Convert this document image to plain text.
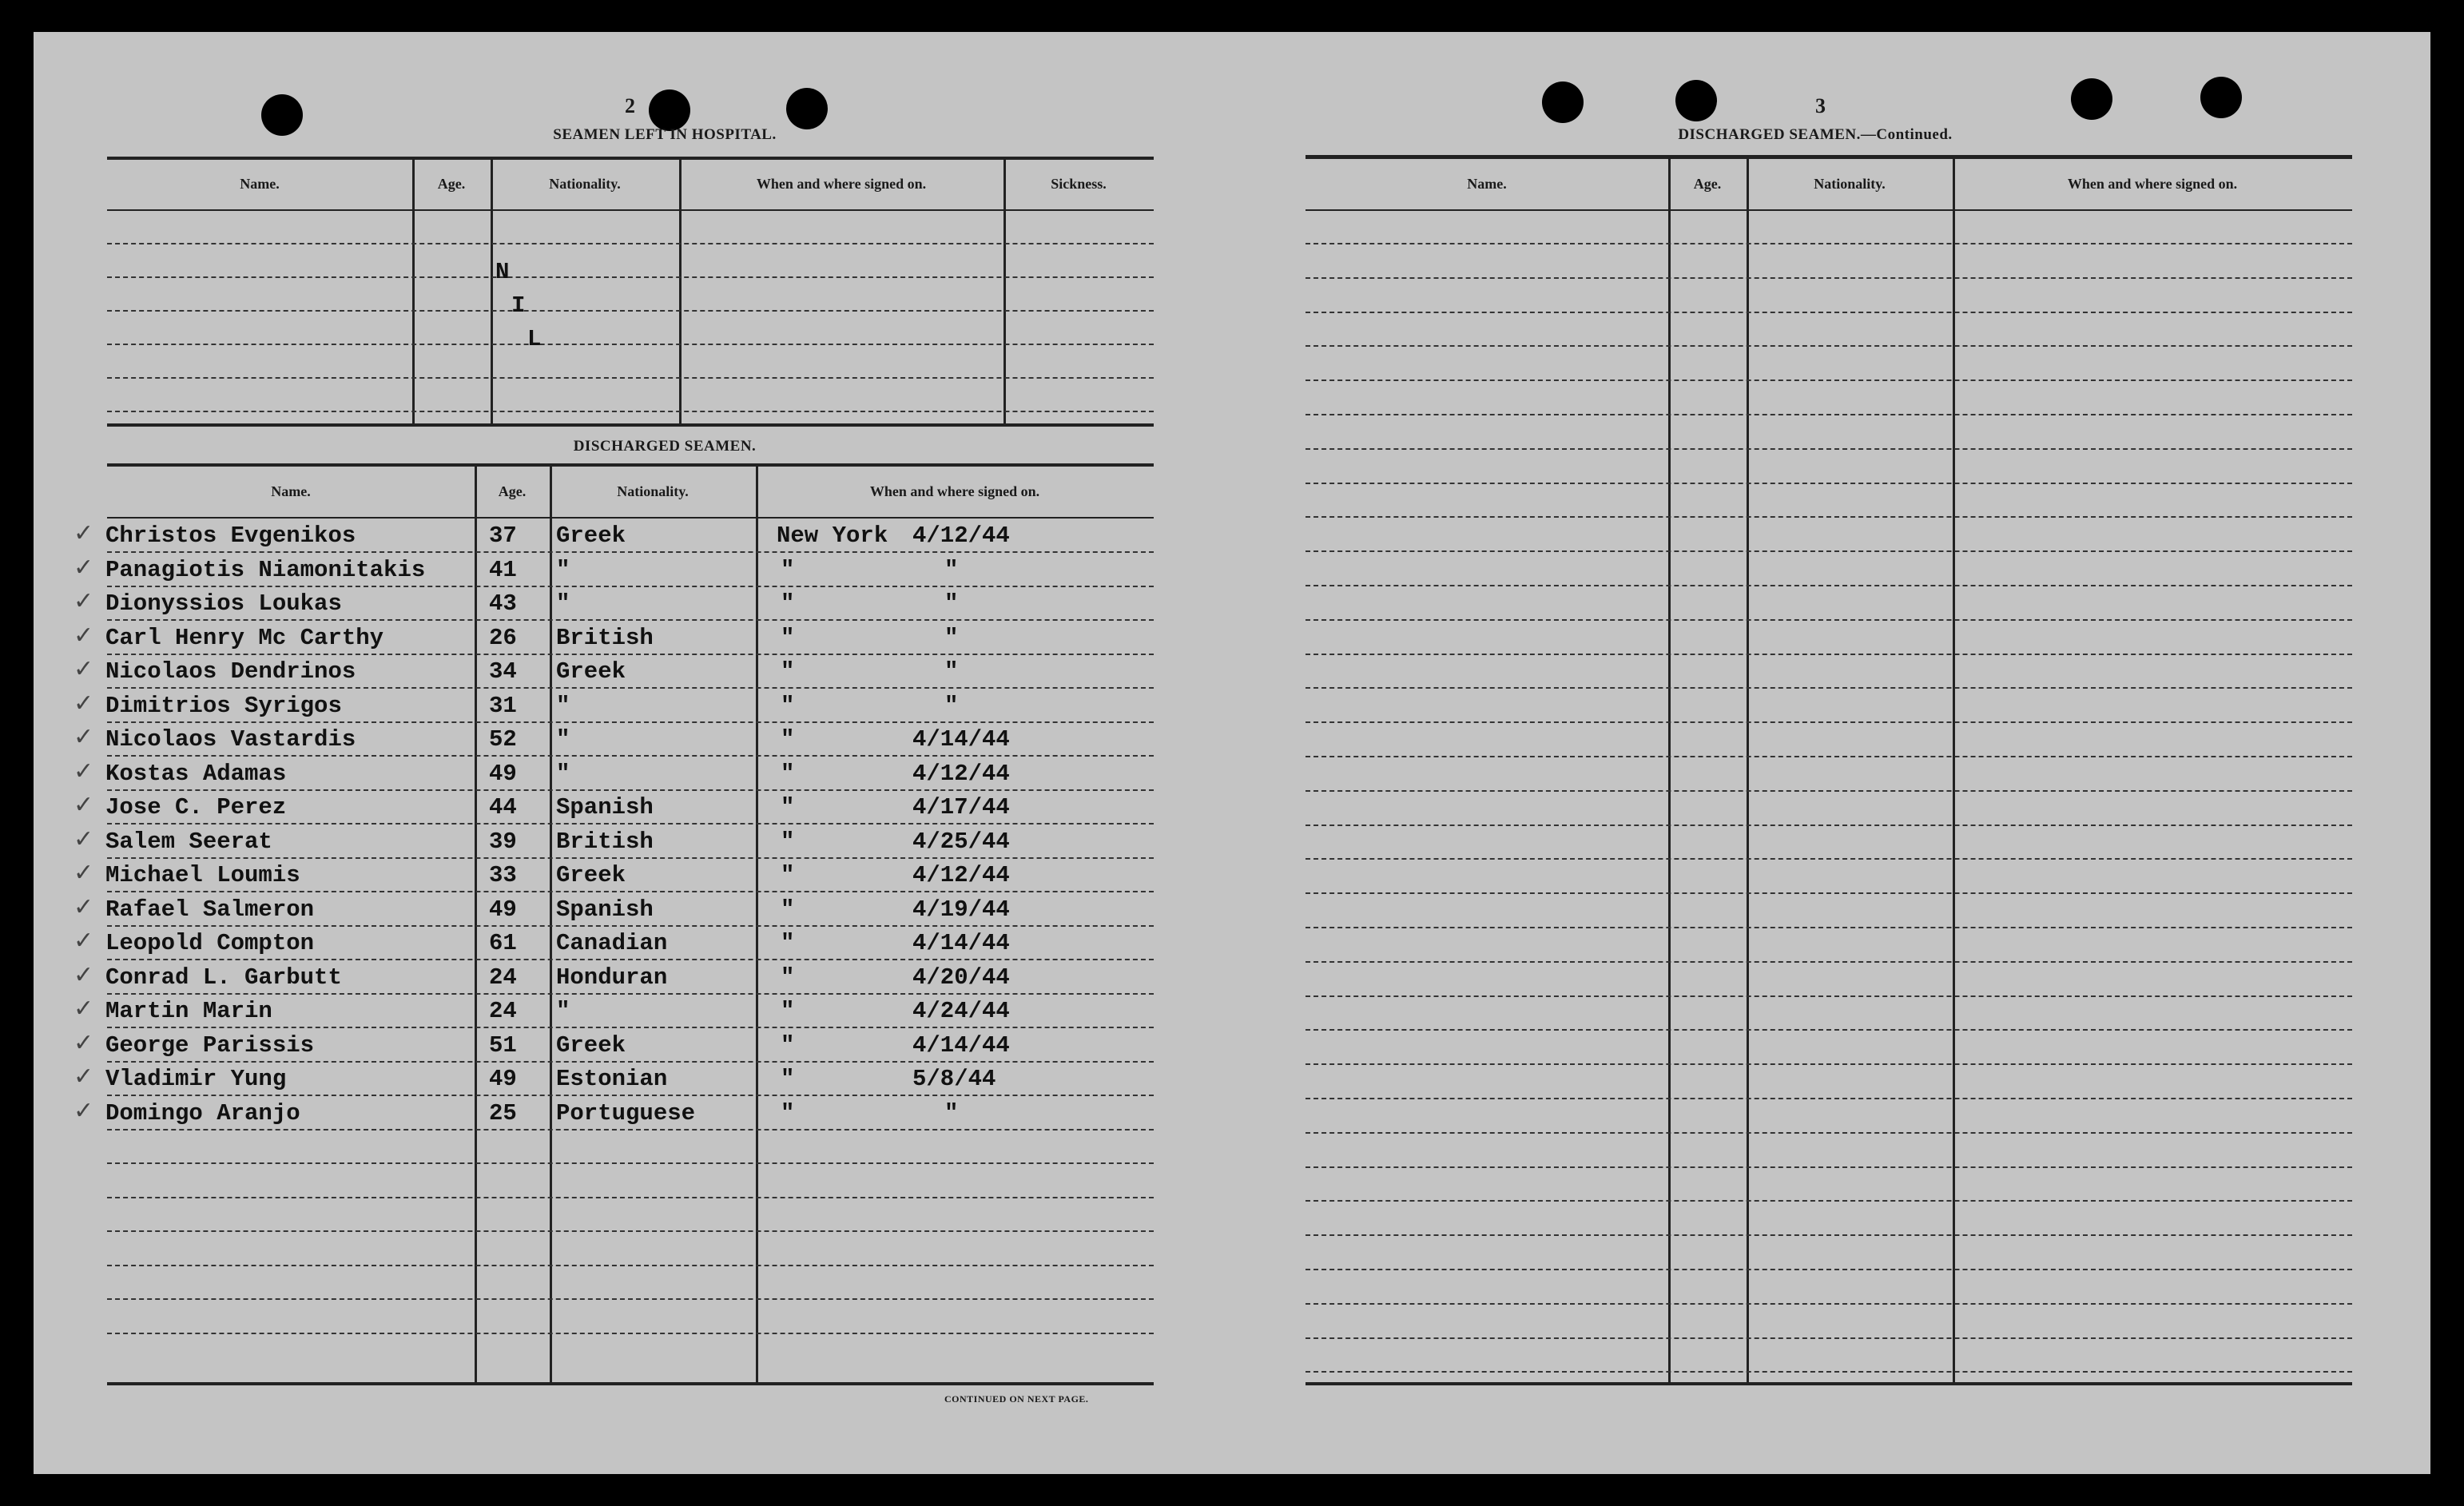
2
SEAMEN LEFT IN HOSPITAL.
Name.	Age.	Nationality.	When and where signed on.	Sickness.
N
I
L
DISCHARGED SEAMEN.
Name.	Age.	Nationality.	When and where signed on.
✓ Christos Evgenikos	37 Greek	New York 4/12/44
✓ Panagiotis Niamonitakis	41 "	"	"
✓ Dionyssios Loukas	43 "	"	"
✓ Carl Henry Mc Carthy	26 British	"	"
✓ Nicolaos Dendrinos	34 Greek	"	"
✓ Dimitrios Syrigos	31 "	"	"
✓ Nicolaos Vastardis	52 "	"	4/14/44
✓ Kostas Adamas	49 "	"	4/12/44
✓ Jose C. Perez	44 Spanish	"	4/17/44
✓ Salem Seerat	39 British	"	4/25/44
✓ Michael Loumis	33 Greek	"	4/12/44
✓ Rafael Salmeron	49 Spanish	"	4/19/44
✓ Leopold Compton	61 Canadian	"	4/14/44
✓ Conrad L. Garbutt	24 Honduran	"	4/20/44
✓ Martin Marin	24 "	"	4/24/44
✓ George Parissis	51 Greek	"	4/14/44
✓ Vladimir Yung	49 Estonian	"	5/8/44
✓ Domingo Aranjo	25 Portuguese	"	"
CONTINUED ON NEXT PAGE.
3
DISCHARGED SEAMEN.—Continued.
Name.	Age.	Nationality.	When and where signed on.
